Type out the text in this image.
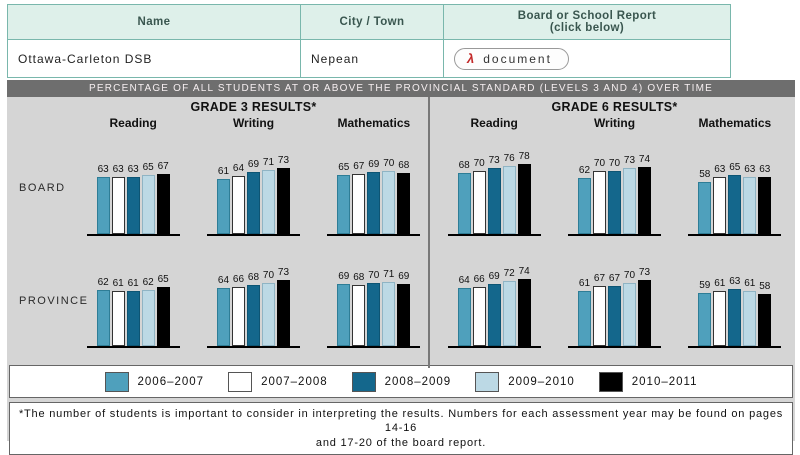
Name	City / Town	Board or School Report
(click below)

Ottawa-Carleton DSB	Nepean	λ document
PERCENTAGE OF ALL STUDENTS AT OR ABOVE THE PROVINCIAL STANDARD (LEVELS 3 AND 4) OVER TIME
GRADE 3 RESULTS*
Reading	Writing	Mathematics
GRADE 6 RESULTS*
Reading	Writing	Mathematics
BOARD
63 63 63 65 67	61 64 69 71 73
65 67 69 70 68	68 70 73 76 78
62
70 70 73 74
58 63 65 63 63
PROVINCE
62 61 61 62 65	64 66 68 70 73	69 68 70 71 69	64 66 69 72 74
61 67 67 70 73
59 61 63 61 58
2006–2007	2007–2008	2008–2009	2009–2010	2010–2011
*The number of students is important to consider in interpreting the results. Numbers for each assessment year may be found on pages 14-16
and 17-20 of the board report.
